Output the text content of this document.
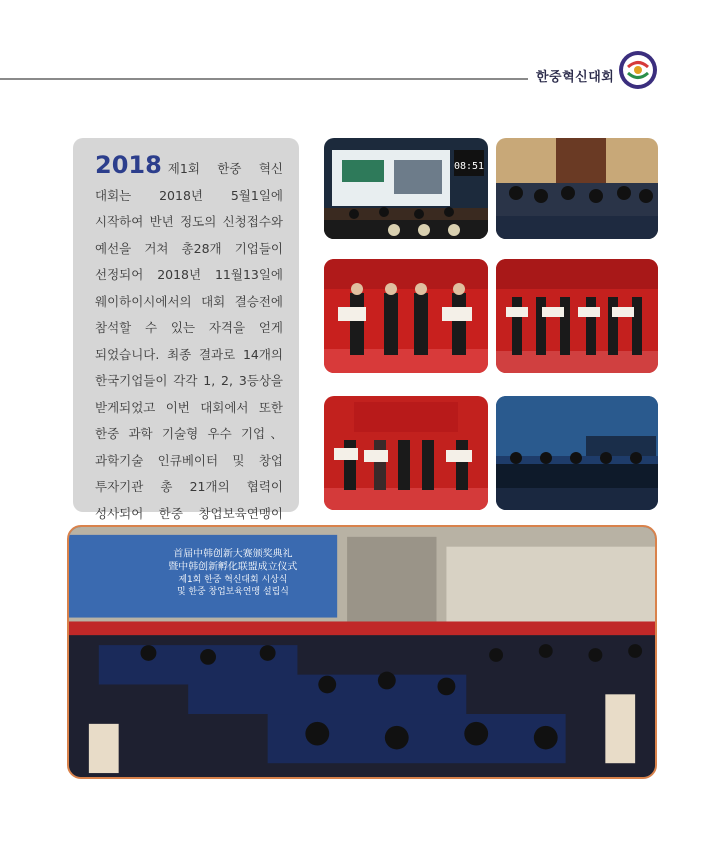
한중혁신대회

2018 제1회 한중 혁신 대회는 2018년 5월1일에 시작하여 반년 정도의 신청접수와 예선을 거쳐 총28개 기업들이 선정되어 2018년 11월13일에 웨이하이시에서의 대회 결승전에 참석할 수 있는 자격을 얻게 되었습니다. 최종 결과로 14개의 한국기업들이 각각 1, 2, 3등상을 받게되었고 이번 대회에서 또한 한중 과학 기술형 우수 기업、과학기술 인큐베이터 및 창업 투자기관 총 21개의 협력이 성사되어 한중 창업보육연맹이

08:51
首届中韩创新大赛颁奖典礼
暨中韩创新孵化联盟成立仪式
제1회 한중 혁신대회 시상식
및 한중 창업보육연맹 설립식
